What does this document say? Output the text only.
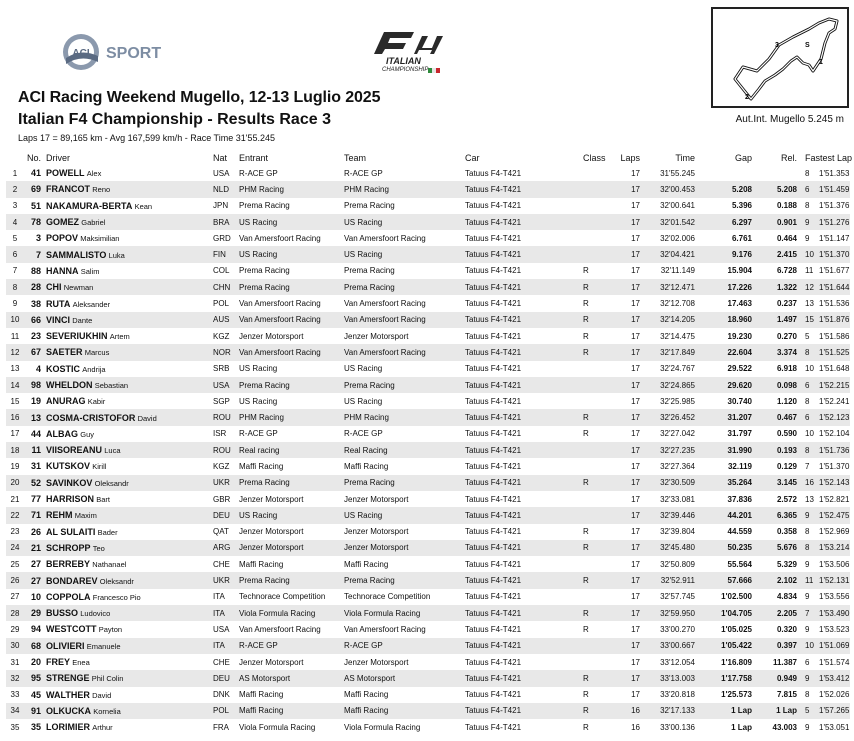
ACI SPORT	ITALIAN
CHAMPIONSHIP
3	S
1
2
ACI Racing Weekend Mugello, 12-13 Luglio 2025
Italian F4 Championship - Results Race 3
Laps 17 = 89,165 km - Avg 167,599 km/h - Race Time 31'55.245
Aut.Int. Mugello 5.245 m
	No.	Driver	Nat	Entrant	Team	Car	Class	Laps	Time	Gap	Rel.	Fastest Lap
1	41	POWELL Alex	USA	R-ACE GP	R-ACE GP	Tatuus F4-T421		17	31'55.245			8 1'51.353
2	69	FRANCOT Reno	NLD	PHM Racing	PHM Racing	Tatuus F4-T421		17	32'00.453	5.208	5.208	6 1'51.459
3	51	NAKAMURA-BERTA Kean	JPN	Prema Racing	Prema Racing	Tatuus F4-T421		17	32'00.641	5.396	0.188	8 1'51.376
4	78	GOMEZ Gabriel	BRA	US Racing	US Racing	Tatuus F4-T421		17	32'01.542	6.297	0.901	9 1'51.276
5	3	POPOV Maksimilian	GRD	Van Amersfoort Racing	Van Amersfoort Racing	Tatuus F4-T421		17	32'02.006	6.761	0.464	9 1'51.147
6	7	SAMMALISTO Luka	FIN	US Racing	US Racing	Tatuus F4-T421		17	32'04.421	9.176	2.415	10 1'51.370
7	88	HANNA Salim	COL	Prema Racing	Prema Racing	Tatuus F4-T421	R	17	32'11.149	15.904	6.728	11 1'51.677
8	28	CHI Newman	CHN	Prema Racing	Prema Racing	Tatuus F4-T421	R	17	32'12.471	17.226	1.322	12 1'51.644
9	38	RUTA Aleksander	POL	Van Amersfoort Racing	Van Amersfoort Racing	Tatuus F4-T421	R	17	32'12.708	17.463	0.237	13 1'51.536
10	66	VINCI Dante	AUS	Van Amersfoort Racing	Van Amersfoort Racing	Tatuus F4-T421	R	17	32'14.205	18.960	1.497	15 1'51.876
11	23	SEVERIUKHIN Artem	KGZ	Jenzer Motorsport	Jenzer Motorsport	Tatuus F4-T421	R	17	32'14.475	19.230	0.270	5 1'51.586
12	67	SAETER Marcus	NOR	Van Amersfoort Racing	Van Amersfoort Racing	Tatuus F4-T421	R	17	32'17.849	22.604	3.374	8 1'51.525
13	4	KOSTIC Andrija	SRB	US Racing	US Racing	Tatuus F4-T421		17	32'24.767	29.522	6.918	10 1'51.648
14	98	WHELDON Sebastian	USA	Prema Racing	Prema Racing	Tatuus F4-T421		17	32'24.865	29.620	0.098	6 1'52.215
15	19	ANURAG Kabir	SGP	US Racing	US Racing	Tatuus F4-T421		17	32'25.985	30.740	1.120	8 1'52.241
16	13	COSMA-CRISTOFOR David	ROU	PHM Racing	PHM Racing	Tatuus F4-T421	R	17	32'26.452	31.207	0.467	6 1'52.123
17	44	ALBAG Guy	ISR	R-ACE GP	R-ACE GP	Tatuus F4-T421	R	17	32'27.042	31.797	0.590	10 1'52.104
18	11	VIISOREANU Luca	ROU	Real racing	Real Racing	Tatuus F4-T421		17	32'27.235	31.990	0.193	8 1'51.736
19	31	KUTSKOV Kirill	KGZ	Maffi Racing	Maffi Racing	Tatuus F4-T421		17	32'27.364	32.119	0.129	7 1'51.370
20	52	SAVINKOV Oleksandr	UKR	Prema Racing	Prema Racing	Tatuus F4-T421	R	17	32'30.509	35.264	3.145	16 1'52.143
21	77	HARRISON Bart	GBR	Jenzer Motorsport	Jenzer Motorsport	Tatuus F4-T421		17	32'33.081	37.836	2.572	13 1'52.821
22	71	REHM Maxim	DEU	US Racing	US Racing	Tatuus F4-T421		17	32'39.446	44.201	6.365	9 1'52.475
23	26	AL SULAITI Bader	QAT	Jenzer Motorsport	Jenzer Motorsport	Tatuus F4-T421	R	17	32'39.804	44.559	0.358	8 1'52.969
24	21	SCHROPP Teo	ARG	Jenzer Motorsport	Jenzer Motorsport	Tatuus F4-T421	R	17	32'45.480	50.235	5.676	8 1'53.214
25	27	BERREBY Nathanael	CHE	Maffi Racing	Maffi Racing	Tatuus F4-T421		17	32'50.809	55.564	5.329	9 1'53.506
26	27	BONDAREV Oleksandr	UKR	Prema Racing	Prema Racing	Tatuus F4-T421	R	17	32'52.911	57.666	2.102	11 1'52.131
27	10	COPPOLA Francesco Pio	ITA	Technorace Competition	Technorace Competition	Tatuus F4-T421		17	32'57.745	1'02.500	4.834	9 1'53.556
28	29	BUSSO Ludovico	ITA	Viola Formula Racing	Viola Formula Racing	Tatuus F4-T421	R	17	32'59.950	1'04.705	2.205	7 1'53.490
29	94	WESTCOTT Payton	USA	Van Amersfoort Racing	Van Amersfoort Racing	Tatuus F4-T421	R	17	33'00.270	1'05.025	0.320	9 1'53.523
30	68	OLIVIERI Emanuele	ITA	R-ACE GP	R-ACE GP	Tatuus F4-T421		17	33'00.667	1'05.422	0.397	10 1'51.069
31	20	FREY Enea	CHE	Jenzer Motorsport	Jenzer Motorsport	Tatuus F4-T421		17	33'12.054	1'16.809	11.387	6 1'51.574
32	95	STRENGE Phil Colin	DEU	AS Motorsport	AS Motorsport	Tatuus F4-T421	R	17	33'13.003	1'17.758	0.949	9 1'53.412
33	45	WALTHER David	DNK	Maffi Racing	Maffi Racing	Tatuus F4-T421	R	17	33'20.818	1'25.573	7.815	8 1'52.026
34	91	OLKUCKA Kornelia	POL	Maffi Racing	Maffi Racing	Tatuus F4-T421	R	16	32'17.133	1 Lap	1 Lap	5 1'57.265
35	35	LORIMIER Arthur	FRA	Viola Formula Racing	Viola Formula Racing	Tatuus F4-T421	R	16	33'00.136	1 Lap	43.003	9 1'53.051
